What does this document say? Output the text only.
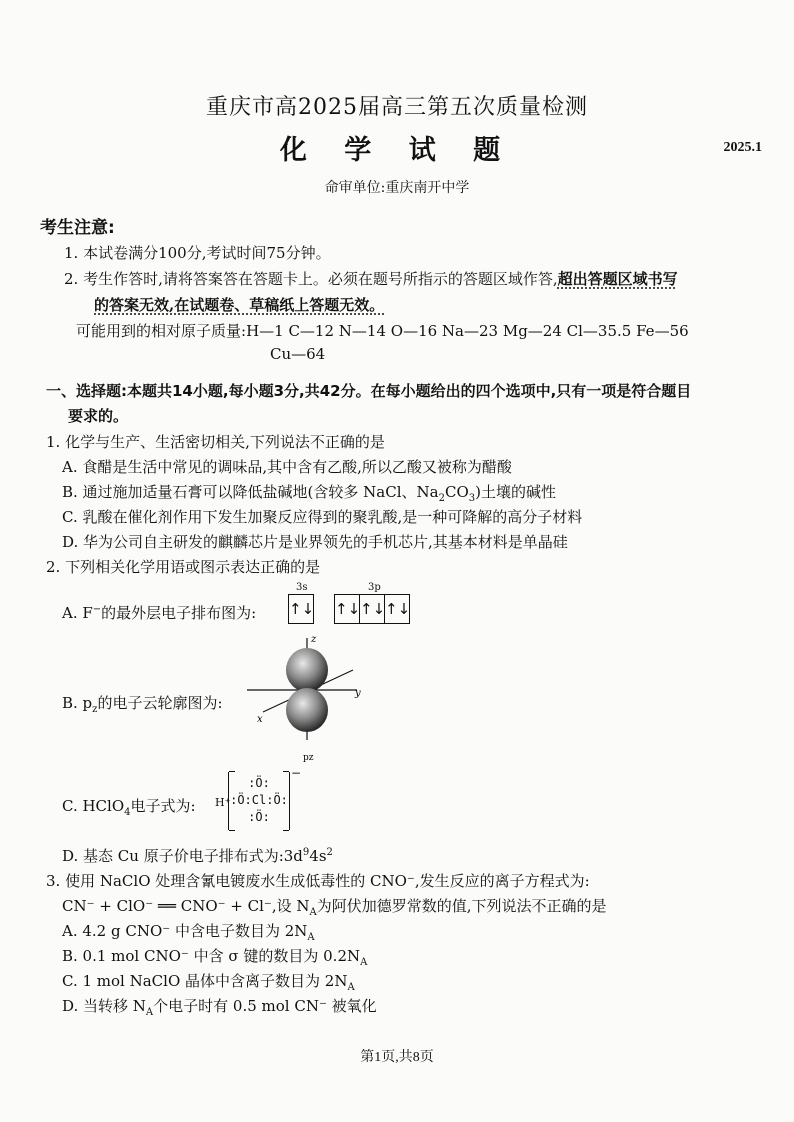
重庆市高2025届高三第五次质量检测
化 学 试 题	2025.1
命审单位:重庆南开中学
考生注意:
1. 本试卷满分100分,考试时间75分钟。
2. 考生作答时,请将答案答在答题卡上。必须在题号所指示的答题区域作答,超出答题区域书写
的答案无效,在试题卷、草稿纸上答题无效。
可能用到的相对原子质量:H—1 C—12 N—14 O—16 Na—23 Mg—24 Cl—35.5 Fe—56
Cu—64
一、选择题:本题共14小题,每小题3分,共42分。在每小题给出的四个选项中,只有一项是符合题目
要求的。
1. 化学与生产、生活密切相关,下列说法不正确的是
A. 食醋是生活中常见的调味品,其中含有乙酸,所以乙酸又被称为醋酸
B. 通过施加适量石膏可以降低盐碱地(含较多 NaCl、$Na_2CO_3$)土壤的碱性
C. 乳酸在催化剂作用下发生加聚反应得到的聚乳酸,是一种可降解的高分子材料
D. 华为公司自主研发的麒麟芯片是业界领先的手机芯片,其基本材料是单晶硅
2. 下列相关化学用语或图示表达正确的是
A. F−的最外层电子排布图为:
3s	3p
↑↓ ↑↓ ↑↓ ↑↓
B. $p_z$的电子云轮廓图为:
z
y
x
pz
C. HClO$_4$电子式为: H⁺
:Ö:
:Ö:Cl:Ö:
:Ö:
−
D. 基态 Cu 原子价电子排布式为$:3d^94s^2$
3. 使用 NaClO 处理含氰电镀废水生成低毒性的 CNO⁻,发生反应的离子方程式为:
CN⁻ + ClO⁻ ══ CNO⁻ + Cl⁻,设 $N_A$为阿伏加德罗常数的值,下列说法不正确的是
A. 4.2 g CNO⁻ 中含电子数目为 $2N_A$
B. 0.1 mol CNO⁻ 中含 σ 键的数目为 $0.2N_A$
C. 1 mol NaClO 晶体中含离子数目为 $2N_A$
D. 当转移 $N_A$个电子时有 0.5 mol CN⁻ 被氧化
第1页,共8页
